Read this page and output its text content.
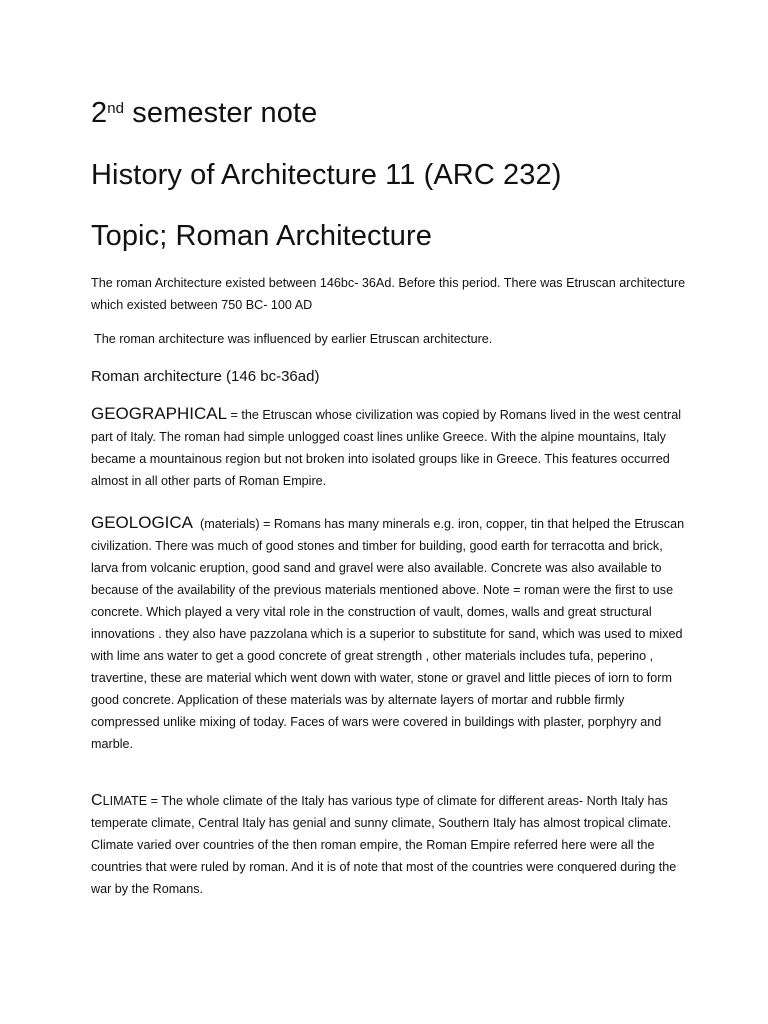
2nd semester note
History of Architecture 11 (ARC 232)
Topic; Roman Architecture

The roman Architecture existed between 146bc- 36Ad. Before this period. There was Etruscan architecture which existed between 750 BC- 100 AD

The roman architecture was influenced by earlier Etruscan architecture.

Roman architecture (146 bc-36ad)

GEOGRAPHICAL = the Etruscan whose civilization was copied by Romans lived in the west central part of Italy. The roman had simple unlogged coast lines unlike Greece. With the alpine mountains, Italy became a mountainous region but not broken into isolated groups like in Greece. This features occurred almost in all other parts of Roman Empire.

GEOLOGICA (materials) = Romans has many minerals e.g. iron, copper, tin that helped the Etruscan civilization. There was much of good stones and timber for building, good earth for terracotta and brick, larva from volcanic eruption, good sand and gravel were also available. Concrete was also available to because of the availability of the previous materials mentioned above. Note = roman were the first to use concrete. Which played a very vital role in the construction of vault, domes, walls and great structural innovations . they also have pazzolana which is a superior to substitute for sand, which was used to mixed with lime ans water to get a good concrete of great strength , other materials includes tufa, peperino , travertine, these are material which went down with water, stone or gravel and little pieces of iorn to form good concrete. Application of these materials was by alternate layers of mortar and rubble firmly compressed unlike mixing of today. Faces of wars were covered in buildings with plaster, porphyry and marble.

CLIMATE = The whole climate of the Italy has various type of climate for different areas- North Italy has temperate climate, Central Italy has genial and sunny climate, Southern Italy has almost tropical climate. Climate varied over countries of the then roman empire, the Roman Empire referred here were all the countries that were ruled by roman. And it is of note that most of the countries were conquered during the war by the Romans.
